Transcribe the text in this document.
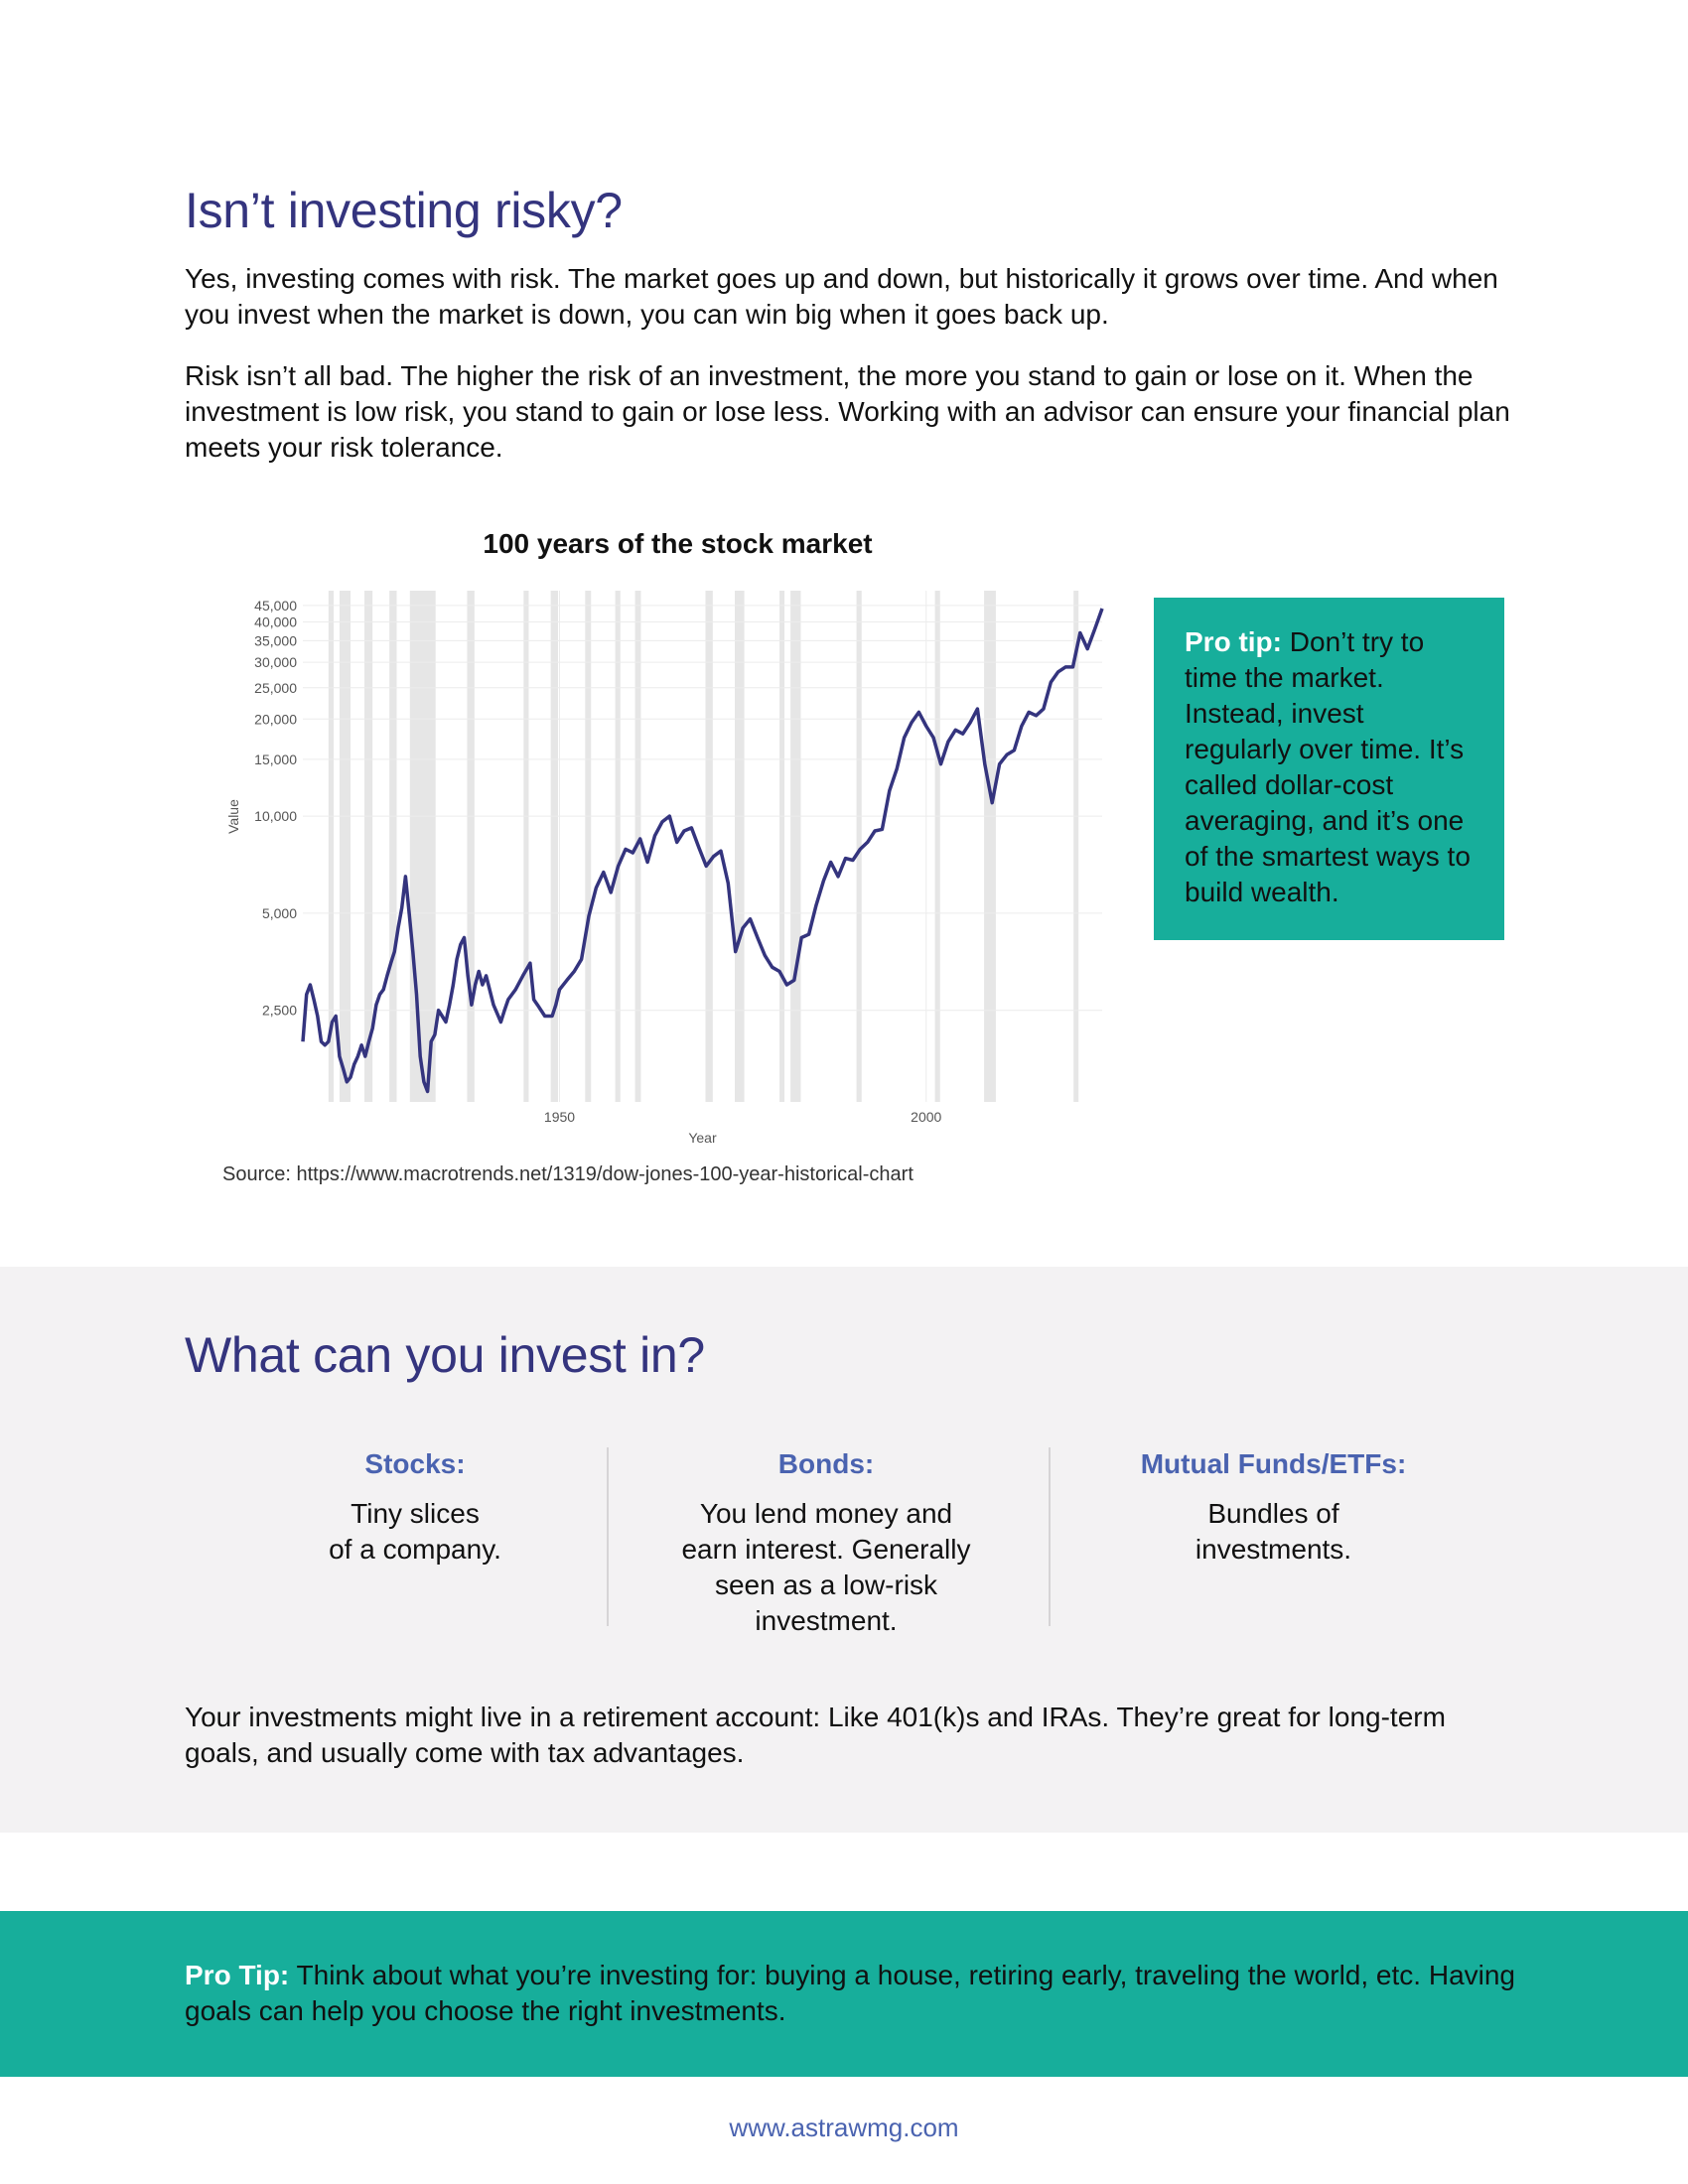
Isn’t investing risky?

Yes, investing comes with risk. The market goes up and down, but historically it grows over time. And when you invest when the market is down, you can win big when it goes back up.

Risk isn’t all bad. The higher the risk of an investment, the more you stand to gain or lose on it. When the investment is low risk, you stand to gain or lose less. Working with an advisor can ensure your financial plan meets your risk tolerance.

100 years of the stock market
2,500
5,000
10,000
15,000
20,000
25,000
30,000
35,000
40,000
45,000
1950	2000
Year
Value
Source: https://www.macrotrends.net/1319/dow-jones-100-year-historical-chart
Pro tip: Don’t try to time the market. Instead, invest regularly over time. It’s called dollar-cost averaging, and it’s one of the smartest ways to build wealth.
What can you invest in?
Stocks:
Tiny slices
of a company.
Bonds:
You lend money and
earn interest. Generally
seen as a low-risk
investment.
Mutual Funds/ETFs:
Bundles of
investments.

Your investments might live in a retirement account: Like 401(k)s and IRAs. They’re great for long-term goals, and usually come with tax advantages.

Pro Tip: Think about what you’re investing for: buying a house, retiring early, traveling the world, etc. Having goals can help you choose the right investments.
www.astrawmg.com
